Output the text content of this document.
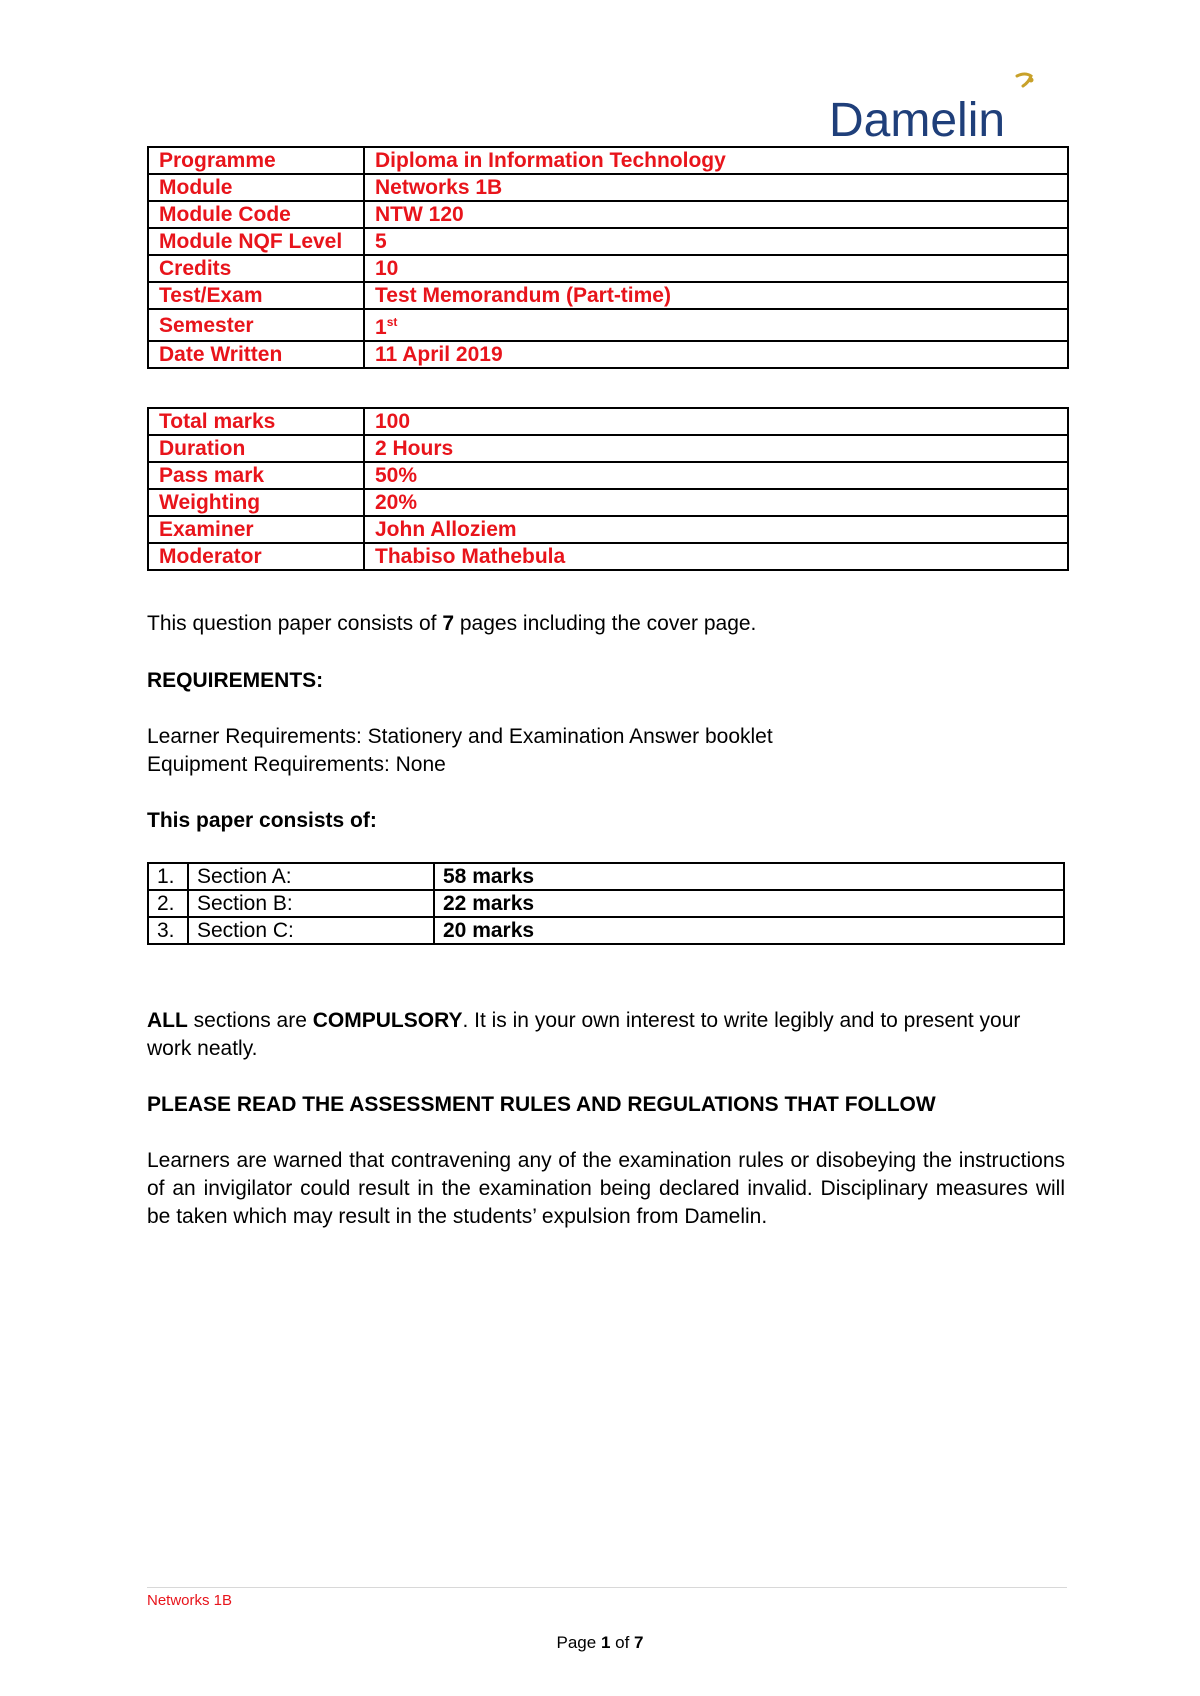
Damelin
Programme	Diploma in Information Technology
Module	Networks 1B
Module Code	NTW 120
Module NQF Level	5
Credits	10
Test/Exam	Test Memorandum (Part-time)
Semester	1st
Date Written	11 April 2019
Total marks	100
Duration	2 Hours
Pass mark	50%
Weighting	20%
Examiner	John Alloziem
Moderator	Thabiso Mathebula
This question paper consists of 7 pages including the cover page.
REQUIREMENTS:
Learner Requirements: Stationery and Examination Answer booklet
Equipment Requirements: None
This paper consists of:
1.	Section A:	58 marks
2.	Section B:	22 marks
3.	Section C:	20 marks
ALL sections are COMPULSORY. It is in your own interest to write legibly and to present your work neatly.
PLEASE READ THE ASSESSMENT RULES AND REGULATIONS THAT FOLLOW
Learners are warned that contravening any of the examination rules or disobeying the instructions of an invigilator could result in the examination being declared invalid. Disciplinary measures will be taken which may result in the students’ expulsion from Damelin.
Networks 1B
Page 1 of 7
